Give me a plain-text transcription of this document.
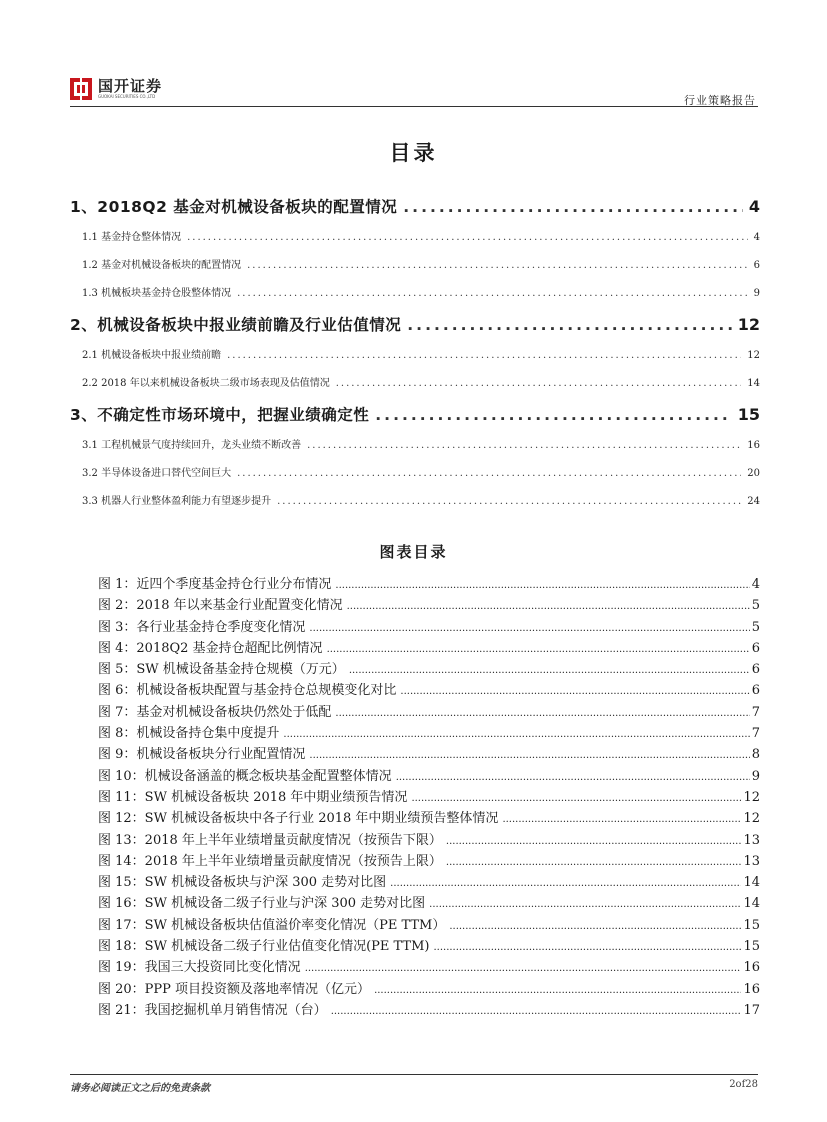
国开证券
GUOKAI SECURITIES CO.,LTD	行业策略报告
目录
1、2018Q2 基金对机械设备板块的配置情况 .....	4
1.1 基金持仓整体情况 .....	4
1.2 基金对机械设备板块的配置情况 .....	6
1.3 机械板块基金持仓股整体情况 .....	9
2、机械设备板块中报业绩前瞻及行业估值情况 .....	12
2.1 机械设备板块中报业绩前瞻 .....	12
2.2 2018 年以来机械设备板块二级市场表现及估值情况 .....	14
3、不确定性市场环境中，把握业绩确定性 .....	15
3.1 工程机械景气度持续回升，龙头业绩不断改善 .....	16
3.2 半导体设备进口替代空间巨大 .....	20
3.3 机器人行业整体盈利能力有望逐步提升 .....	24
图表目录
图 1：近四个季度基金持仓行业分布情况 .....	4
图 2：2018 年以来基金行业配置变化情况 .....	5
图 3：各行业基金持仓季度变化情况 .....	5
图 4：2018Q2 基金持仓超配比例情况 .....	6
图 5：SW 机械设备基金持仓规模（万元） .....	6
图 6：机械设备板块配置与基金持仓总规模变化对比 .....	6
图 7：基金对机械设备板块仍然处于低配 .....	7
图 8：机械设备持仓集中度提升 .....	7
图 9：机械设备板块分行业配置情况 .....	8
图 10：机械设备涵盖的概念板块基金配置整体情况 .....	9
图 11：SW 机械设备板块 2018 年中期业绩预告情况 .....	12
图 12：SW 机械设备板块中各子行业 2018 年中期业绩预告整体情况 .....	12
图 13：2018 年上半年业绩增量贡献度情况（按预告下限） .....	13
图 14：2018 年上半年业绩增量贡献度情况（按预告上限） .....	13
图 15：SW 机械设备板块与沪深 300 走势对比图 .....	14
图 16：SW 机械设备二级子行业与沪深 300 走势对比图 .....	14
图 17：SW 机械设备板块估值溢价率变化情况（PE TTM） .....	15
图 18：SW 机械设备二级子行业估值变化情况(PE TTM) .....	15
图 19：我国三大投资同比变化情况 .....	16
图 20：PPP 项目投资额及落地率情况（亿元） .....	16
图 21：我国挖掘机单月销售情况（台） .....	17
请务必阅读正文之后的免责条款	2of28
